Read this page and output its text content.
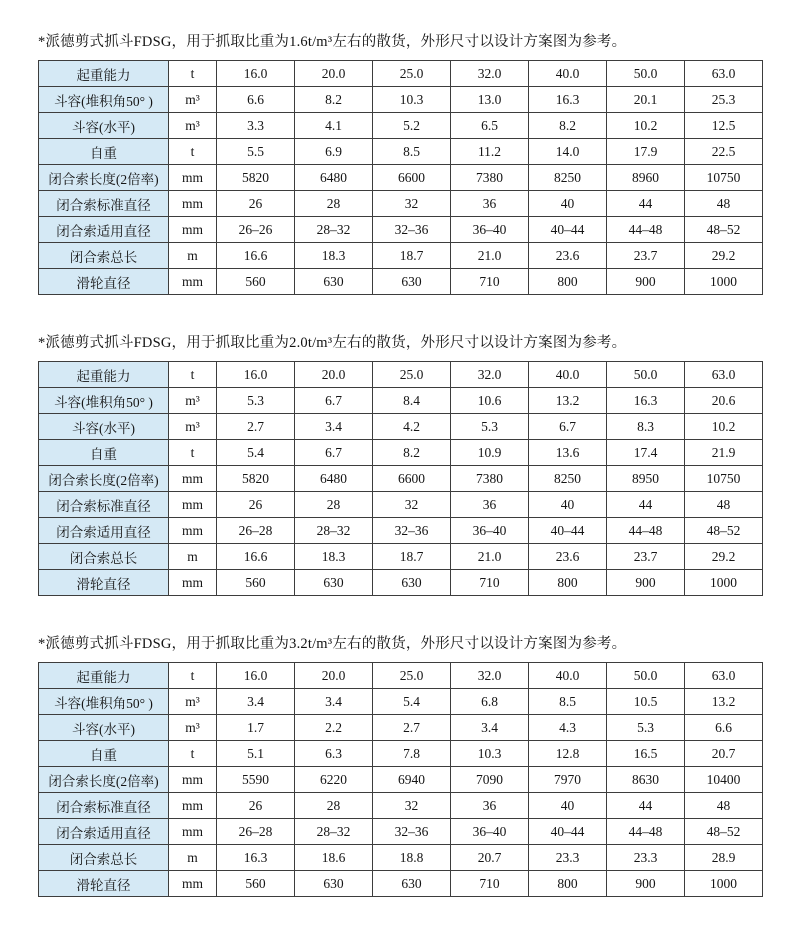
*派德剪式抓斗FDSG，用于抓取比重为1.6t/m³左右的散货，外形尺寸以设计方案图为参考。

起重能力	t	16.0	20.0	25.0	32.0	40.0	50.0	63.0
斗容(堆积角50° )	m³	6.6	8.2	10.3	13.0	16.3	20.1	25.3
斗容(水平)	m³	3.3	4.1	5.2	6.5	8.2	10.2	12.5
自重	t	5.5	6.9	8.5	11.2	14.0	17.9	22.5
闭合索长度(2倍率)	mm	5820	6480	6600	7380	8250	8960	10750
闭合索标准直径	mm	26	28	32	36	40	44	48
闭合索适用直径	mm	26–26	28–32	32–36	36–40	40–44	44–48	48–52
闭合索总长	m	16.6	18.3	18.7	21.0	23.6	23.7	29.2
滑轮直径	mm	560	630	630	710	800	900	1000

*派德剪式抓斗FDSG，用于抓取比重为2.0t/m³左右的散货，外形尺寸以设计方案图为参考。

起重能力	t	16.0	20.0	25.0	32.0	40.0	50.0	63.0
斗容(堆积角50° )	m³	5.3	6.7	8.4	10.6	13.2	16.3	20.6
斗容(水平)	m³	2.7	3.4	4.2	5.3	6.7	8.3	10.2
自重	t	5.4	6.7	8.2	10.9	13.6	17.4	21.9
闭合索长度(2倍率)	mm	5820	6480	6600	7380	8250	8950	10750
闭合索标准直径	mm	26	28	32	36	40	44	48
闭合索适用直径	mm	26–28	28–32	32–36	36–40	40–44	44–48	48–52
闭合索总长	m	16.6	18.3	18.7	21.0	23.6	23.7	29.2
滑轮直径	mm	560	630	630	710	800	900	1000

*派德剪式抓斗FDSG，用于抓取比重为3.2t/m³左右的散货，外形尺寸以设计方案图为参考。

起重能力	t	16.0	20.0	25.0	32.0	40.0	50.0	63.0
斗容(堆积角50° )	m³	3.4	3.4	5.4	6.8	8.5	10.5	13.2
斗容(水平)	m³	1.7	2.2	2.7	3.4	4.3	5.3	6.6
自重	t	5.1	6.3	7.8	10.3	12.8	16.5	20.7
闭合索长度(2倍率)	mm	5590	6220	6940	7090	7970	8630	10400
闭合索标准直径	mm	26	28	32	36	40	44	48
闭合索适用直径	mm	26–28	28–32	32–36	36–40	40–44	44–48	48–52
闭合索总长	m	16.3	18.6	18.8	20.7	23.3	23.3	28.9
滑轮直径	mm	560	630	630	710	800	900	1000
